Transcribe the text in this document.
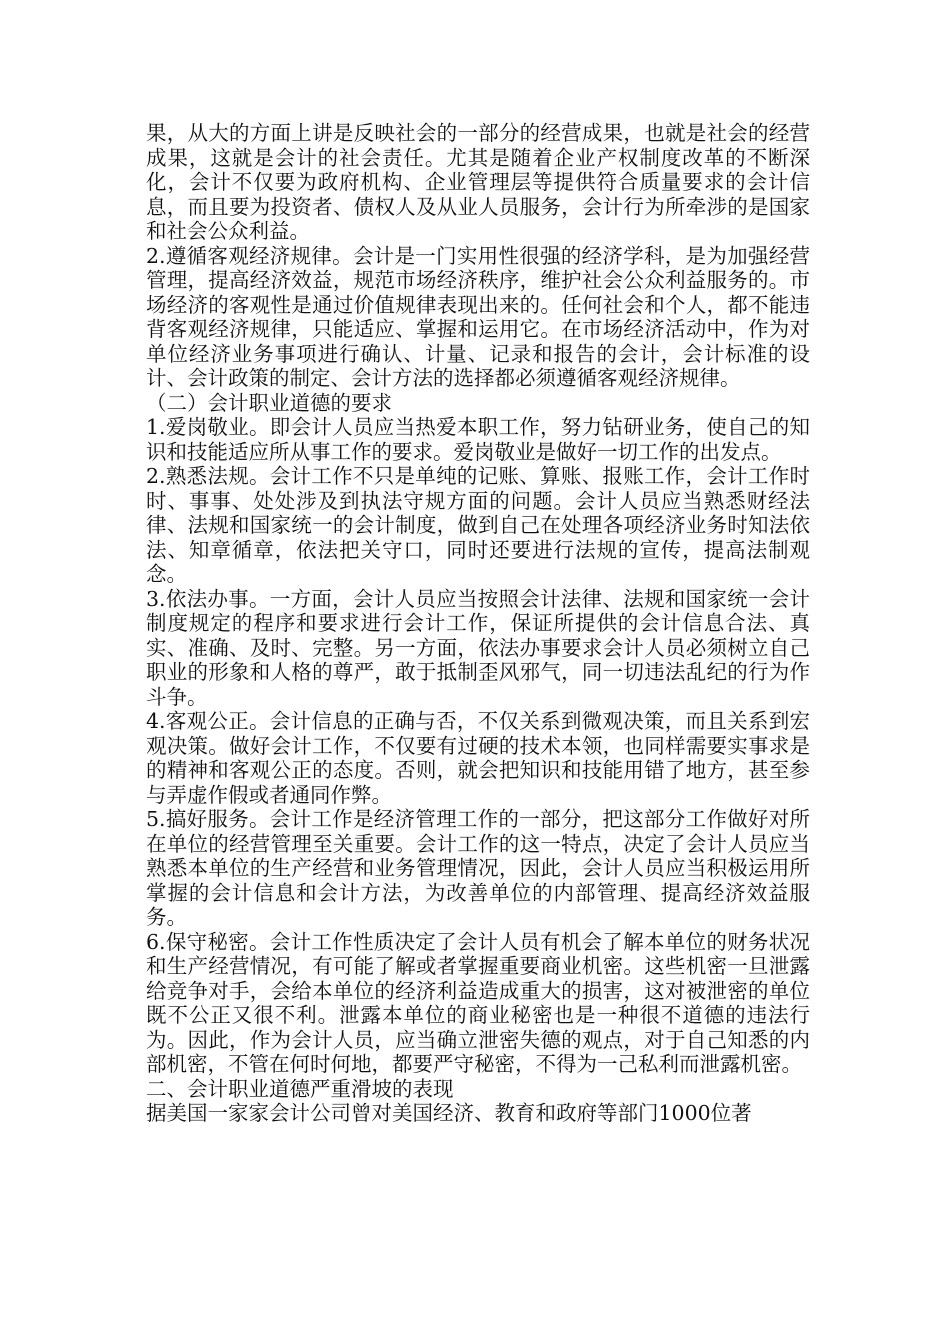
果，从大的方面上讲是反映社会的一部分的经营成果，也就是社会的经营成果，这就是会计的社会责任。尤其是随着企业产权制度改革的不断深化，会计不仅要为政府机构、企业管理层等提供符合质量要求的会计信息，而且要为投资者、债权人及从业人员服务，会计行为所牵涉的是国家和社会公众利益。

2.遵循客观经济规律。会计是一门实用性很强的经济学科，是为加强经营管理，提高经济效益，规范市场经济秩序，维护社会公众利益服务的。市场经济的客观性是通过价值规律表现出来的。任何社会和个人，都不能违背客观经济规律，只能适应、掌握和运用它。在市场经济活动中，作为对单位经济业务事项进行确认、计量、记录和报告的会计，会计标准的设计、会计政策的制定、会计方法的选择都必须遵循客观经济规律。

（二）会计职业道德的要求

1.爱岗敬业。即会计人员应当热爱本职工作，努力钻研业务，使自己的知识和技能适应所从事工作的要求。爱岗敬业是做好一切工作的出发点。

2.熟悉法规。会计工作不只是单纯的记账、算账、报账工作，会计工作时时、事事、处处涉及到执法守规方面的问题。会计人员应当熟悉财经法律、法规和国家统一的会计制度，做到自己在处理各项经济业务时知法依法、知章循章，依法把关守口，同时还要进行法规的宣传，提高法制观念。

3.依法办事。一方面，会计人员应当按照会计法律、法规和国家统一会计制度规定的程序和要求进行会计工作，保证所提供的会计信息合法、真实、准确、及时、完整。另一方面，依法办事要求会计人员必须树立自己职业的形象和人格的尊严，敢于抵制歪风邪气，同一切违法乱纪的行为作斗争。

4.客观公正。会计信息的正确与否，不仅关系到微观决策，而且关系到宏观决策。做好会计工作，不仅要有过硬的技术本领，也同样需要实事求是的精神和客观公正的态度。否则，就会把知识和技能用错了地方，甚至参与弄虚作假或者通同作弊。

5.搞好服务。会计工作是经济管理工作的一部分，把这部分工作做好对所在单位的经营管理至关重要。会计工作的这一特点，决定了会计人员应当熟悉本单位的生产经营和业务管理情况，因此，会计人员应当积极运用所掌握的会计信息和会计方法，为改善单位的内部管理、提高经济效益服务。

6.保守秘密。会计工作性质决定了会计人员有机会了解本单位的财务状况和生产经营情况，有可能了解或者掌握重要商业机密。这些机密一旦泄露给竞争对手，会给本单位的经济利益造成重大的损害，这对被泄密的单位既不公正又很不利。泄露本单位的商业秘密也是一种很不道德的违法行为。因此，作为会计人员，应当确立泄密失德的观点，对于自己知悉的内部机密，不管在何时何地，都要严守秘密，不得为一己私利而泄露机密。

二、会计职业道德严重滑坡的表现

据美国一家家会计公司曾对美国经济、教育和政府等部门1000位著
